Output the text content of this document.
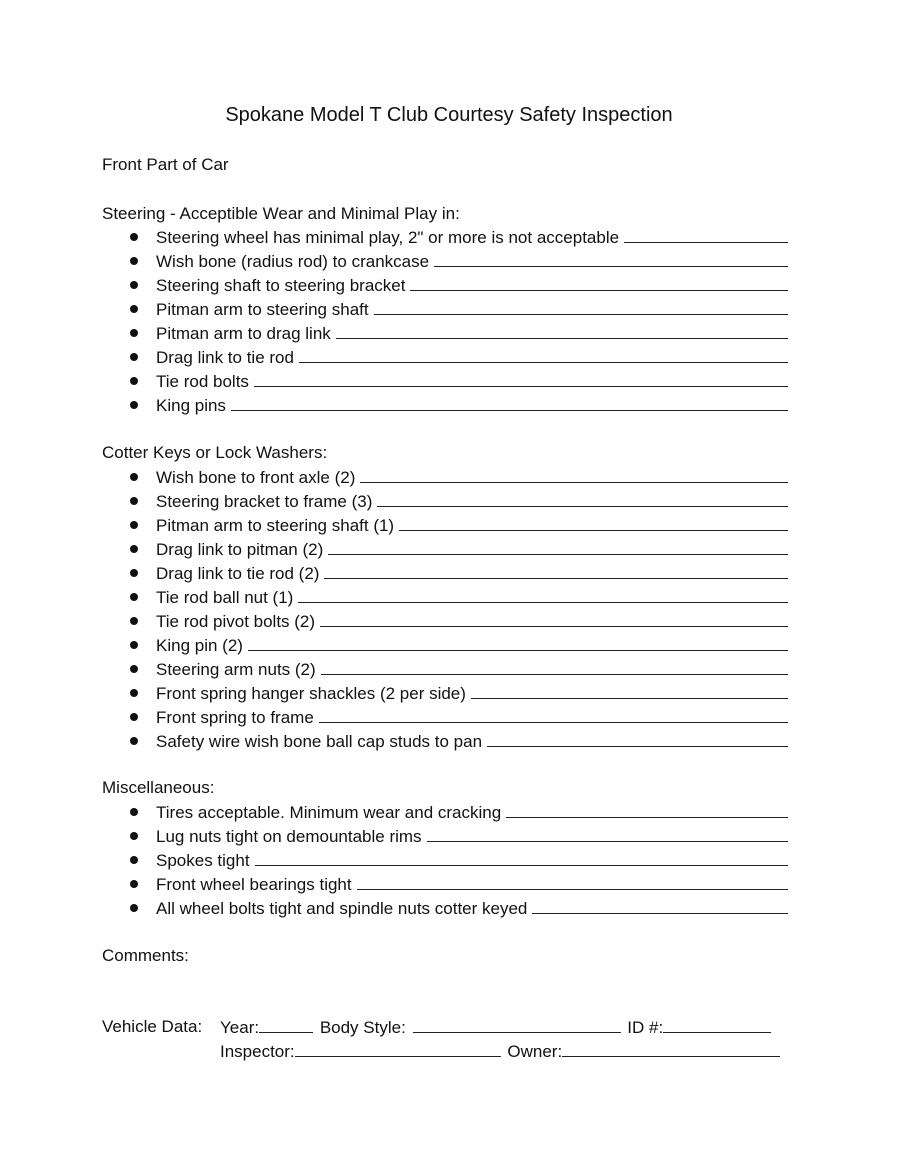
Spokane Model T Club Courtesy Safety Inspection
Front Part of Car
Steering - Acceptible Wear and Minimal Play in:
Steering wheel has minimal play, 2" or more is not acceptable
Wish bone (radius rod) to crankcase
Steering shaft to steering bracket
Pitman arm to steering shaft
Pitman arm to drag link
Drag link to tie rod
Tie rod bolts
King pins
Cotter Keys or Lock Washers:
Wish bone to front axle (2)
Steering bracket to frame (3)
Pitman arm to steering shaft (1)
Drag link to pitman (2)
Drag link to tie rod (2)
Tie rod ball nut (1)
Tie rod pivot bolts (2)
King pin (2)
Steering arm nuts (2)
Front spring hanger shackles (2 per side)
Front spring to frame
Safety wire wish bone ball cap studs to pan
Miscellaneous:
Tires acceptable. Minimum wear and cracking
Lug nuts tight on demountable rims
Spokes tight
Front wheel bearings tight
All wheel bolts tight and spindle nuts cotter keyed
Comments:
Vehicle Data: Year:	Body Style:	ID #:
Inspector:	Owner:
